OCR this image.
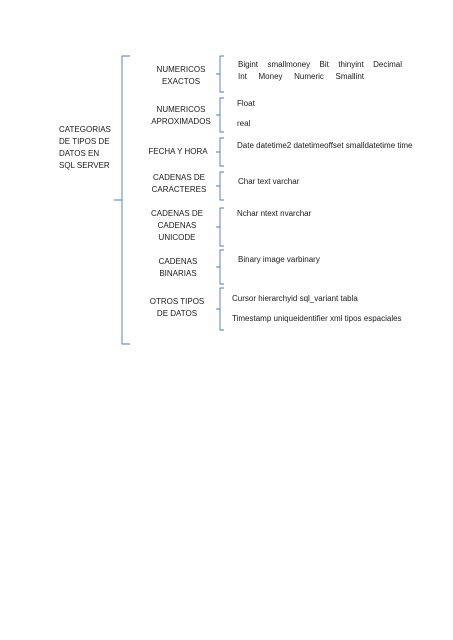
CATEGORIAS
DE TIPOS DE
DATOS EN
SQL SERVER
NUMERICOS
EXACTOS
Bigint smallmoney Bit thinyint Decimal
Int Money Numeric Smallint
NUMERICOS
APROXIMADOS
Float
real
FECHA Y HORA
Date datetime2 datetimeoffset smalldatetime time
CADENAS DE
CARACTERES
Char text varchar
CADENAS DE
CADENAS
UNICODE
Nchar ntext nvarchar
CADENAS
BINARIAS
Binary image varbinary
OTROS TIPOS
DE DATOS
Cursor hierarchyid sql_variant tabla
Timestamp uniqueidentifier xml tipos espaciales
